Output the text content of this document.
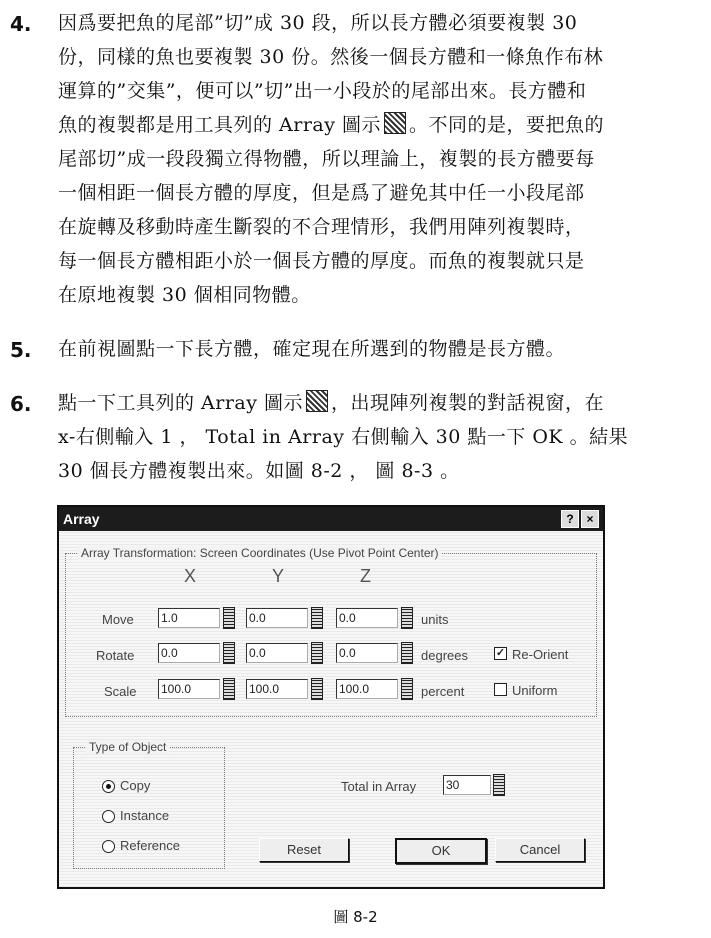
4. 因爲要把魚的尾部”切”成 30 段，所以長方體必須要複製 30
份，同樣的魚也要複製 30 份。然後一個長方體和一條魚作布林
運算的”交集”，便可以”切”出一小段於的尾部出來。長方體和
魚的複製都是用工具列的 Array 圖示 。不同的是，要把魚的
尾部切”成一段段獨立得物體，所以理論上，複製的長方體要每
一個相距一個長方體的厚度，但是爲了避免其中任一小段尾部
在旋轉及移動時產生斷裂的不合理情形，我們用陣列複製時，
每一個長方體相距小於一個長方體的厚度。而魚的複製就只是
在原地複製 30 個相同物體。
5. 在前視圖點一下長方體，確定現在所選到的物體是長方體。
6. 點一下工具列的 Array 圖示 ，出現陣列複製的對話視窗，在
x-右側輸入 1 ， Total in Array 右側輸入 30 點一下 OK 。結果
30 個長方體複製出來。如圖 8-2 ， 圖 8-3 。
Array	?	×
Array Transformation: Screen Coordinates (Use Pivot Point Center)
X	Y	Z
Move 1.0	0.0	0.0	units
Rotate 0.0	0.0	0.0	degrees	✓ Re-Orient
Scale 100.0	100.0	100.0	percent	Uniform
Type of Object
Copy
Instance
Reference
Total in Array 30
Reset	OK	Cancel
圖 8-2
